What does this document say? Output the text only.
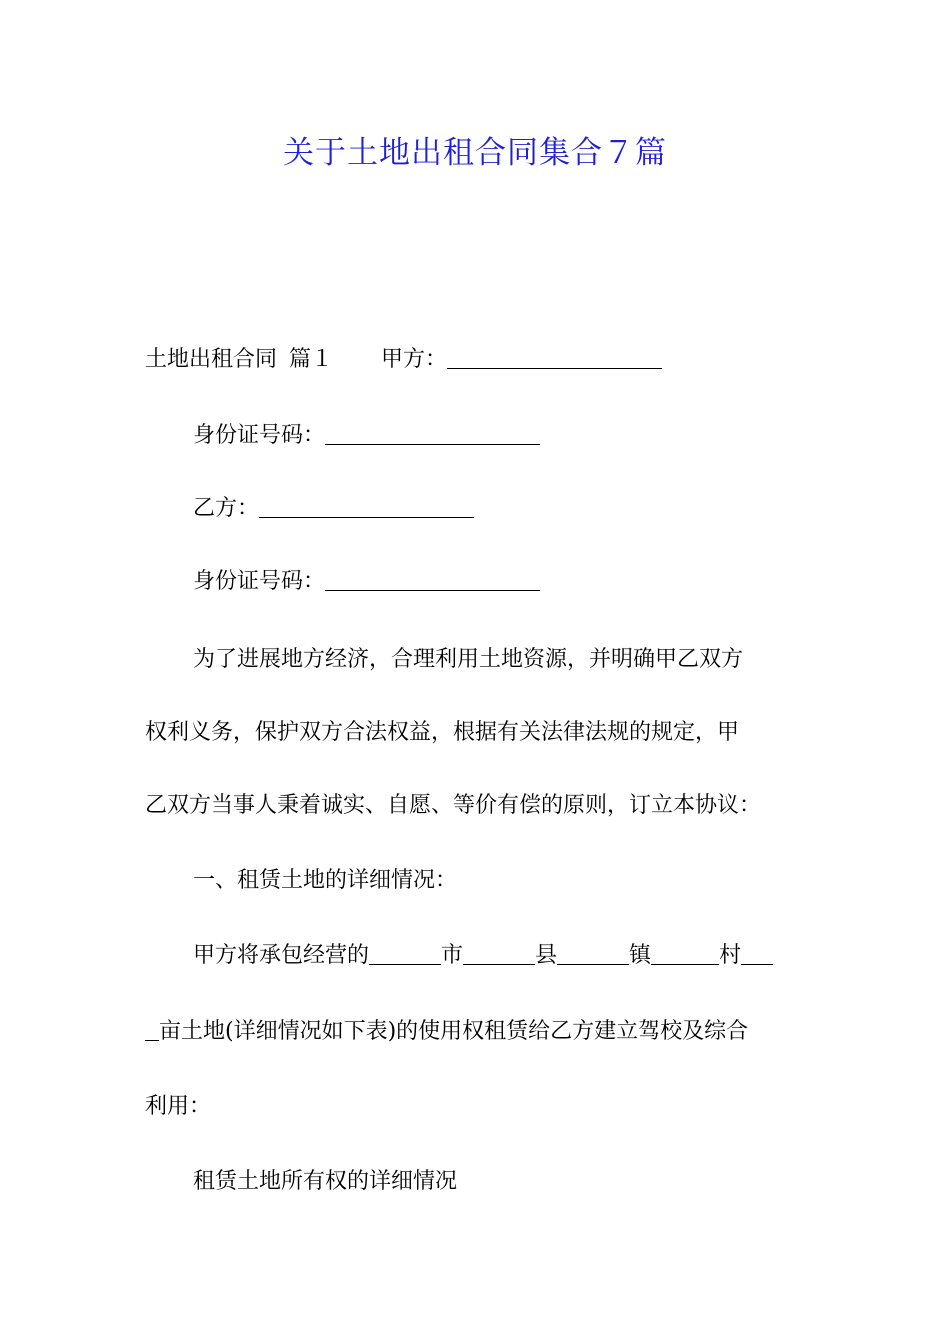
关于土地出租合同集合７篇
土地出租合同 篇１ 甲方：
身份证号码：
乙方：
身份证号码：
为了进展地方经济，合理利用土地资源，并明确甲乙双方
权利义务，保护双方合法权益，根据有关法律法规的规定，甲
乙双方当事人秉着诚实、自愿、等价有偿的原则，订立本协议：
一、租赁土地的详细情况：
甲方将承包经营的	市	县	镇	村
亩土地(详细情况如下表)的使用权租赁给乙方建立驾校及综合
利用：
租赁土地所有权的详细情况
